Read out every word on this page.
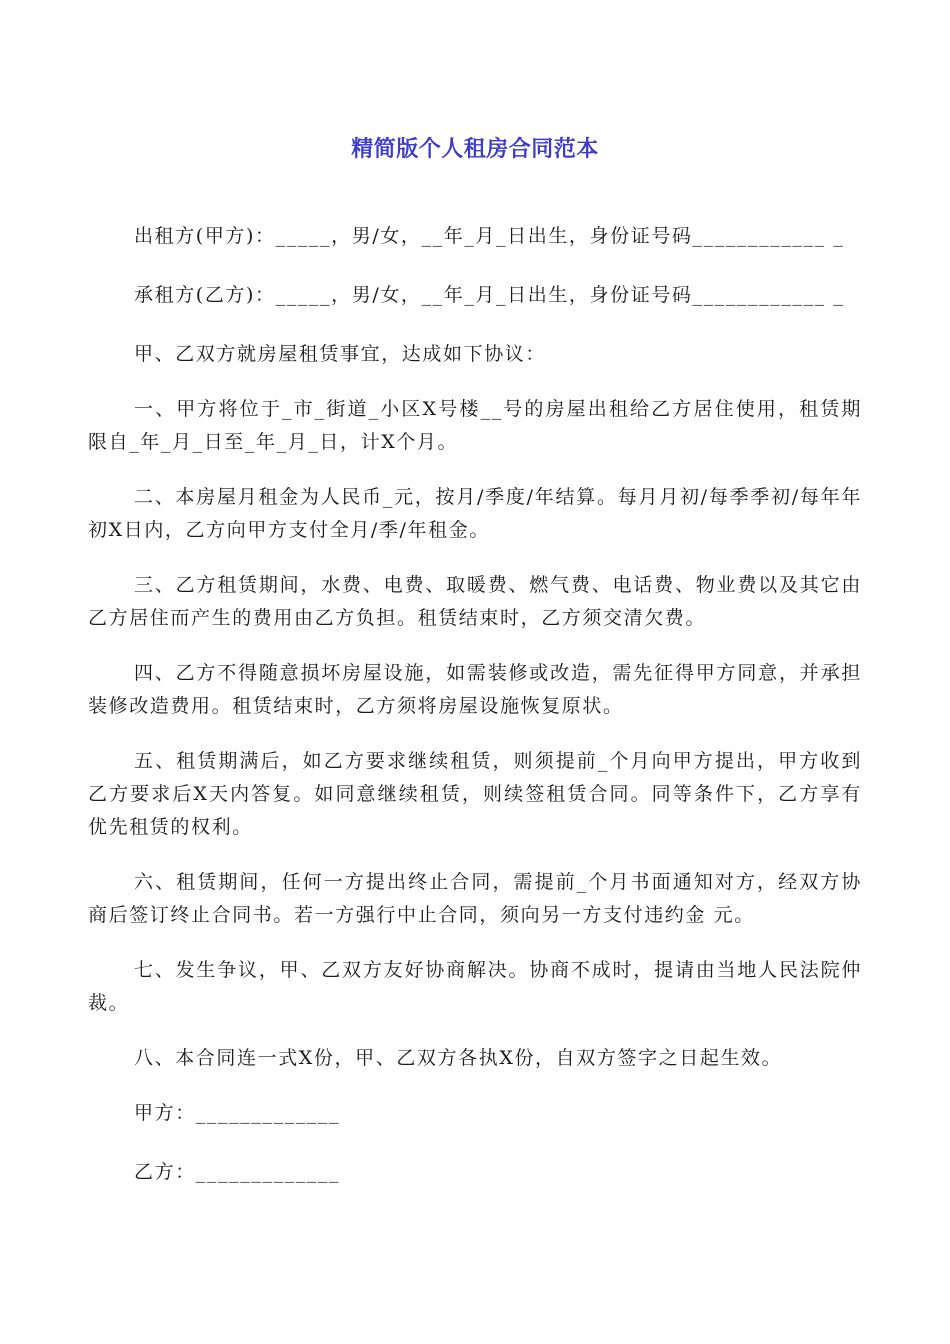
精简版个人租房合同范本

出租方(甲方)：_____，男/女，__年_月_日出生，身份证号码____________ _

承租方(乙方)：_____，男/女，__年_月_日出生，身份证号码____________ _

甲、乙双方就房屋租赁事宜，达成如下协议：

一、甲方将位于_市_街道_小区X号楼__号的房屋出租给乙方居住使用，租赁期限自_年_月_日至_年_月_日，计X个月。

二、本房屋月租金为人民币_元，按月/季度/年结算。每月月初/每季季初/每年年初X日内，乙方向甲方支付全月/季/年租金。

三、乙方租赁期间，水费、电费、取暖费、燃气费、电话费、物业费以及其它由乙方居住而产生的费用由乙方负担。租赁结束时，乙方须交清欠费。

四、乙方不得随意损坏房屋设施，如需装修或改造，需先征得甲方同意，并承担装修改造费用。租赁结束时，乙方须将房屋设施恢复原状。

五、租赁期满后，如乙方要求继续租赁，则须提前_个月向甲方提出，甲方收到乙方要求后X天内答复。如同意继续租赁，则续签租赁合同。同等条件下，乙方享有优先租赁的权利。

六、租赁期间，任何一方提出终止合同，需提前_个月书面通知对方，经双方协商后签订终止合同书。若一方强行中止合同，须向另一方支付违约金 元。

七、发生争议，甲、乙双方友好协商解决。协商不成时，提请由当地人民法院仲裁。

八、本合同连一式X份，甲、乙双方各执X份，自双方签字之日起生效。

甲方：_____________

乙方：_____________
